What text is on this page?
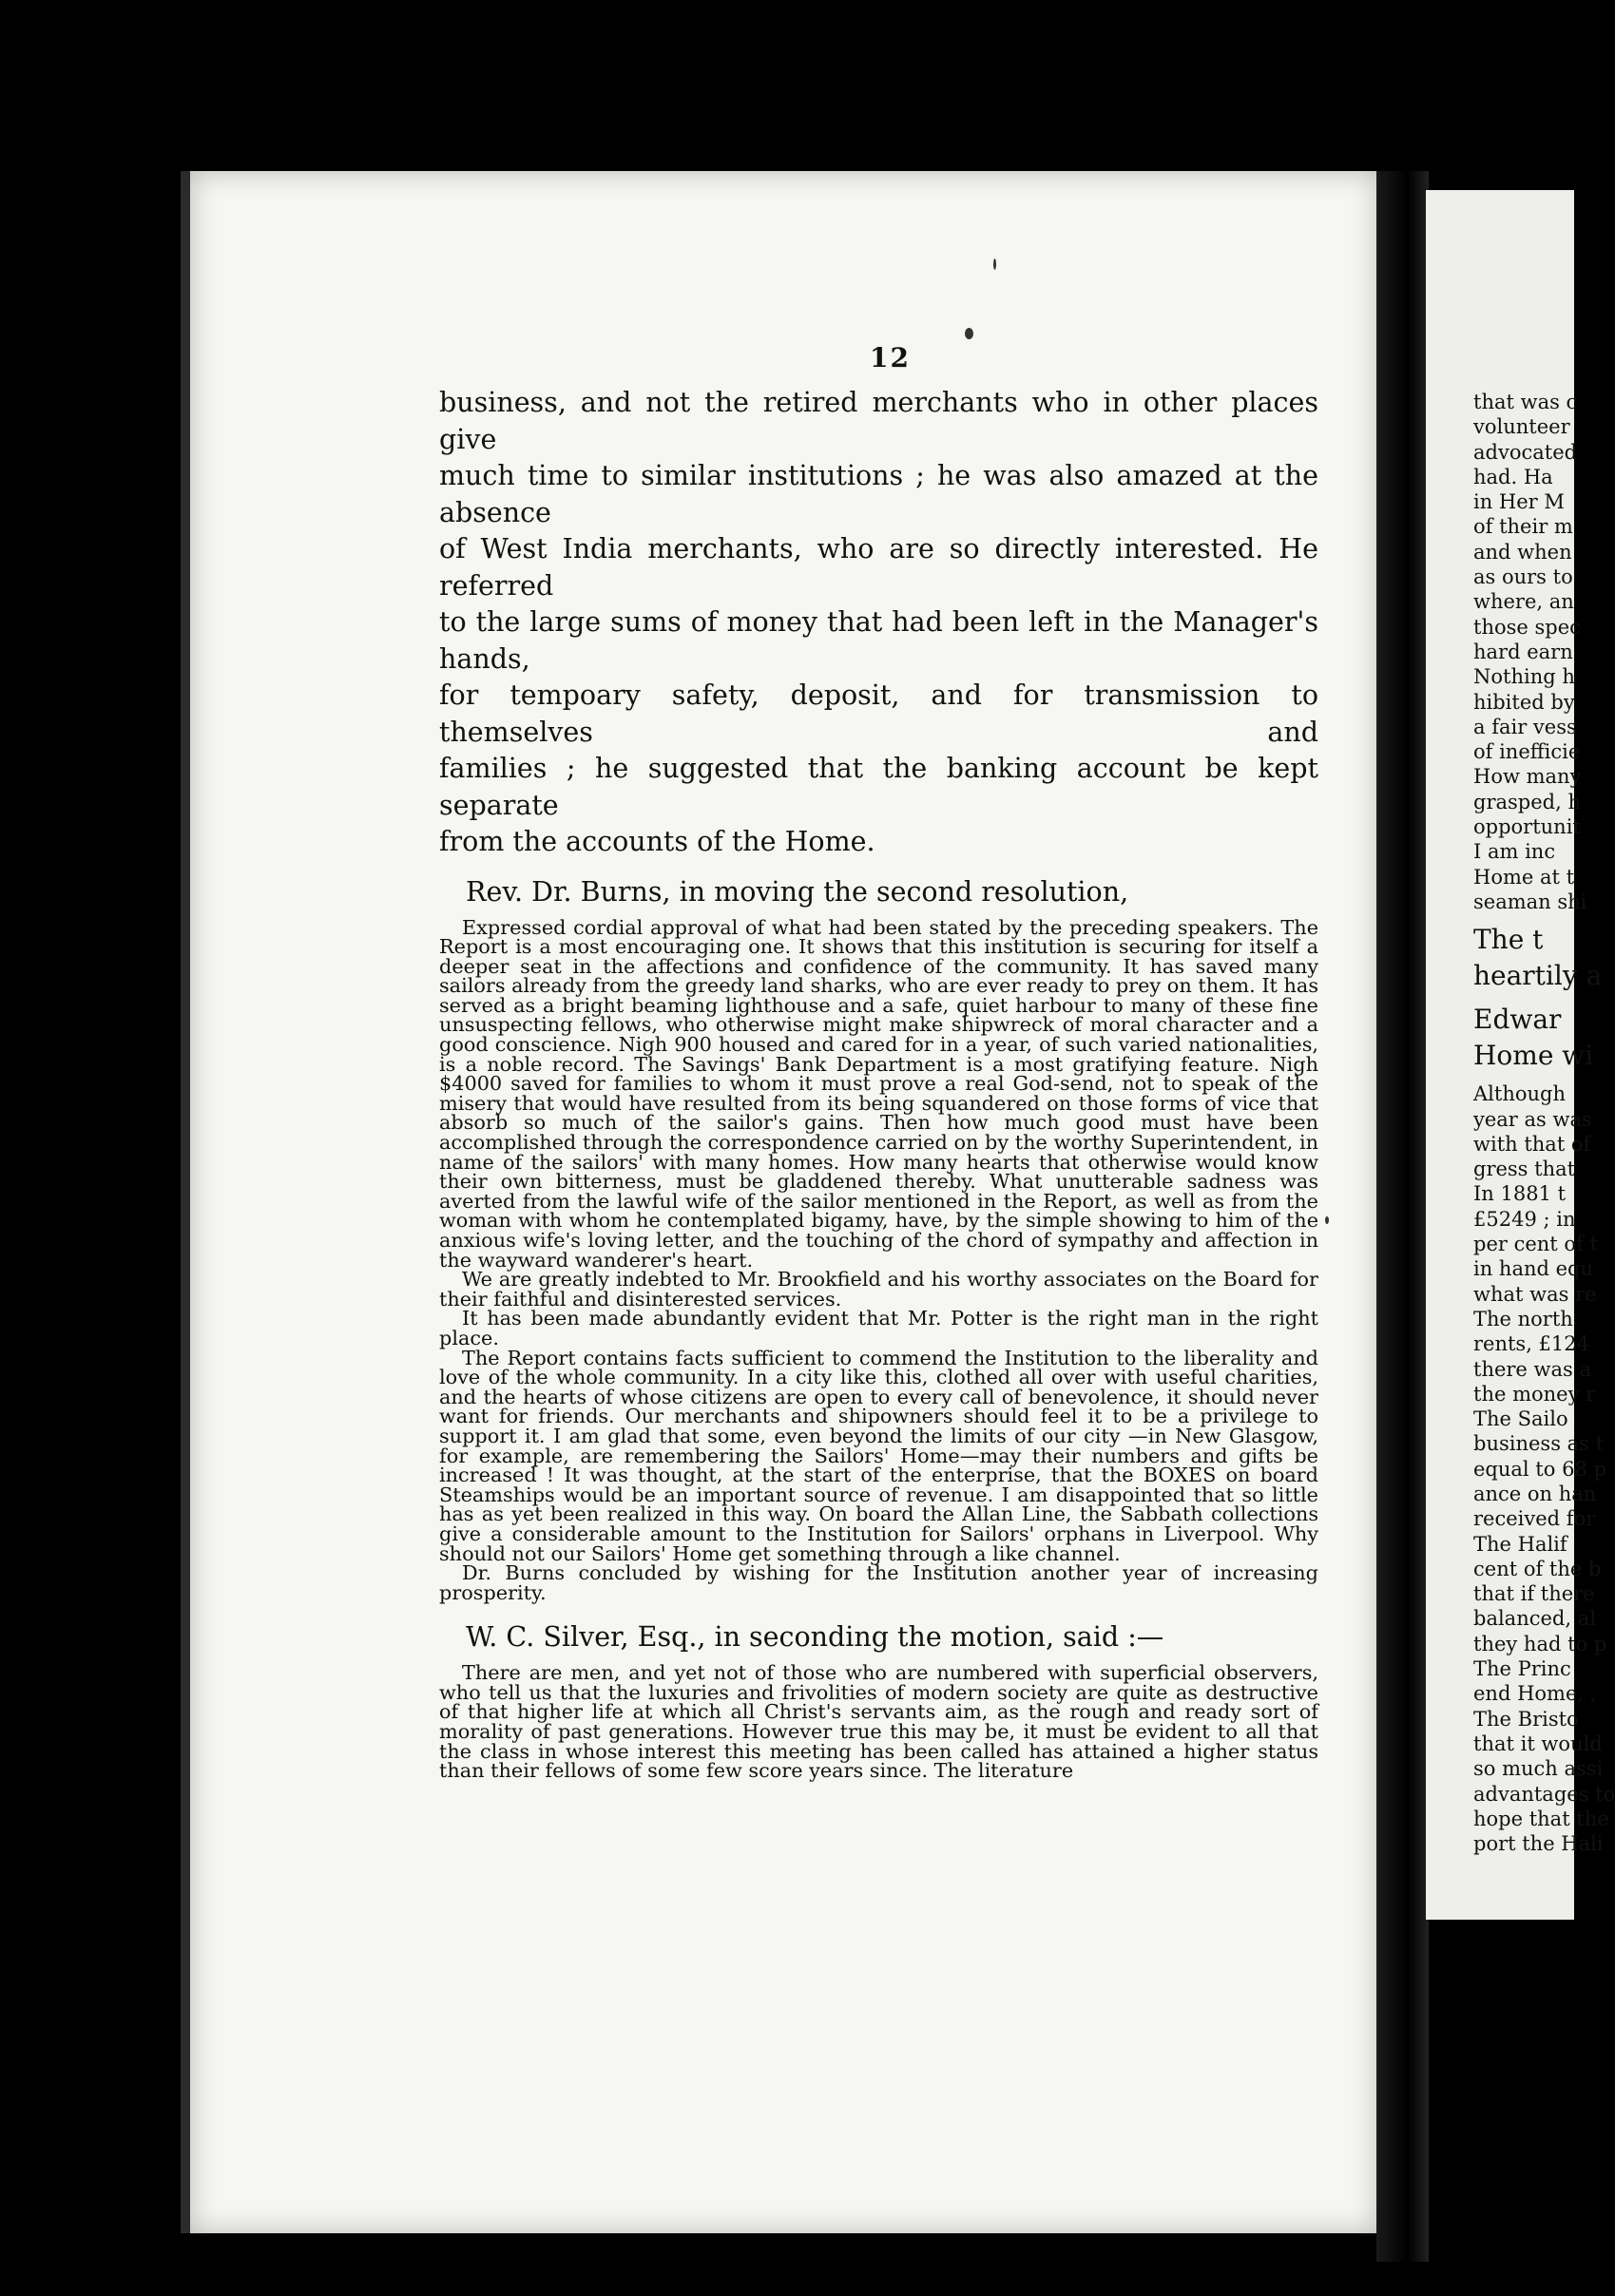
12
business, and not the retired merchants who in other places give
much time to similar institutions ; he was also amazed at the absence
of West India merchants, who are so directly interested. He referred
to the large sums of money that had been left in the Manager's hands,
for tempoary safety, deposit, and for transmission to themselves and
families ; he suggested that the banking account be kept separate
from the accounts of the Home.
Rev. Dr. Burns, in moving the second resolution,

Expressed cordial approval of what had been stated by the preceding speakers. The Report is a most encouraging one. It shows that this institution is securing for itself a deeper seat in the affections and confidence of the community. It has saved many sailors already from the greedy land sharks, who are ever ready to prey on them. It has served as a bright beaming lighthouse and a safe, quiet harbour to many of these fine unsuspecting fellows, who otherwise might make shipwreck of moral character and a good conscience. Nigh 900 housed and cared for in a year, of such varied nationalities, is a noble record. The Savings' Bank Department is a most gratifying feature. Nigh $4000 saved for families to whom it must prove a real God-send, not to speak of the misery that would have resulted from its being squandered on those forms of vice that absorb so much of the sailor's gains. Then how much good must have been accomplished through the correspondence carried on by the worthy Superintendent, in name of the sailors' with many homes. How many hearts that otherwise would know their own bitterness, must be gladdened thereby. What unutterable sadness was averted from the lawful wife of the sailor mentioned in the Report, as well as from the woman with whom he contemplated bigamy, have, by the simple showing to him of the anxious wife's loving letter, and the touching of the chord of sympathy and affection in the wayward wanderer's heart.

We are greatly indebted to Mr. Brookfield and his worthy associates on the Board for their faithful and disinterested services.

It has been made abundantly evident that Mr. Potter is the right man in the right place.

The Report contains facts sufficient to commend the Institution to the liberality and love of the whole community. In a city like this, clothed all over with useful charities, and the hearts of whose citizens are open to every call of benevolence, it should never want for friends. Our merchants and shipowners should feel it to be a privilege to support it. I am glad that some, even beyond the limits of our city —in New Glasgow, for example, are remembering the Sailors' Home—may their numbers and gifts be increased ! It was thought, at the start of the enterprise, that the BOXES on board Steamships would be an important source of revenue. I am disappointed that so little has as yet been realized in this way. On board the Allan Line, the Sabbath collections give a considerable amount to the Institution for Sailors' orphans in Liverpool. Why should not our Sailors' Home get something through a like channel.

Dr. Burns concluded by wishing for the Institution another year of increasing prosperity.

W. C. Silver, Esq., in seconding the motion, said :—

There are men, and yet not of those who are numbered with superficial observers, who tell us that the luxuries and frivolities of modern society are quite as destructive of that higher life at which all Christ's servants aim, as the rough and ready sort of morality of past generations. However true this may be, it must be evident to all that the class in whose interest this meeting has been called has attained a higher status than their fellows of some few score years since. The literature

that was c
volunteer
advocated
had. Ha
in Her M
of their m
and when
as ours to
where, an
those spec
hard earn
Nothing h
hibited by
a fair vess
of inefficie
How many
grasped, h
opportunit
I am inc
Home at t
seaman shi
The t
heartily a
Edwar
Home wi
Although
year as was
with that of
gress that
In 1881 t
£5249 ; in
per cent of t
in hand equ
what was re
The north
rents, £124
there was a
the money r
The Sailo
business as t
equal to 68 p
ance on han
received for
The Halif
cent of the b
that if there
balanced, al
they had to p
The Princ
end Home, ,
The Bristo
that it would
so much assi
advantages to
hope that the
port the Hali
